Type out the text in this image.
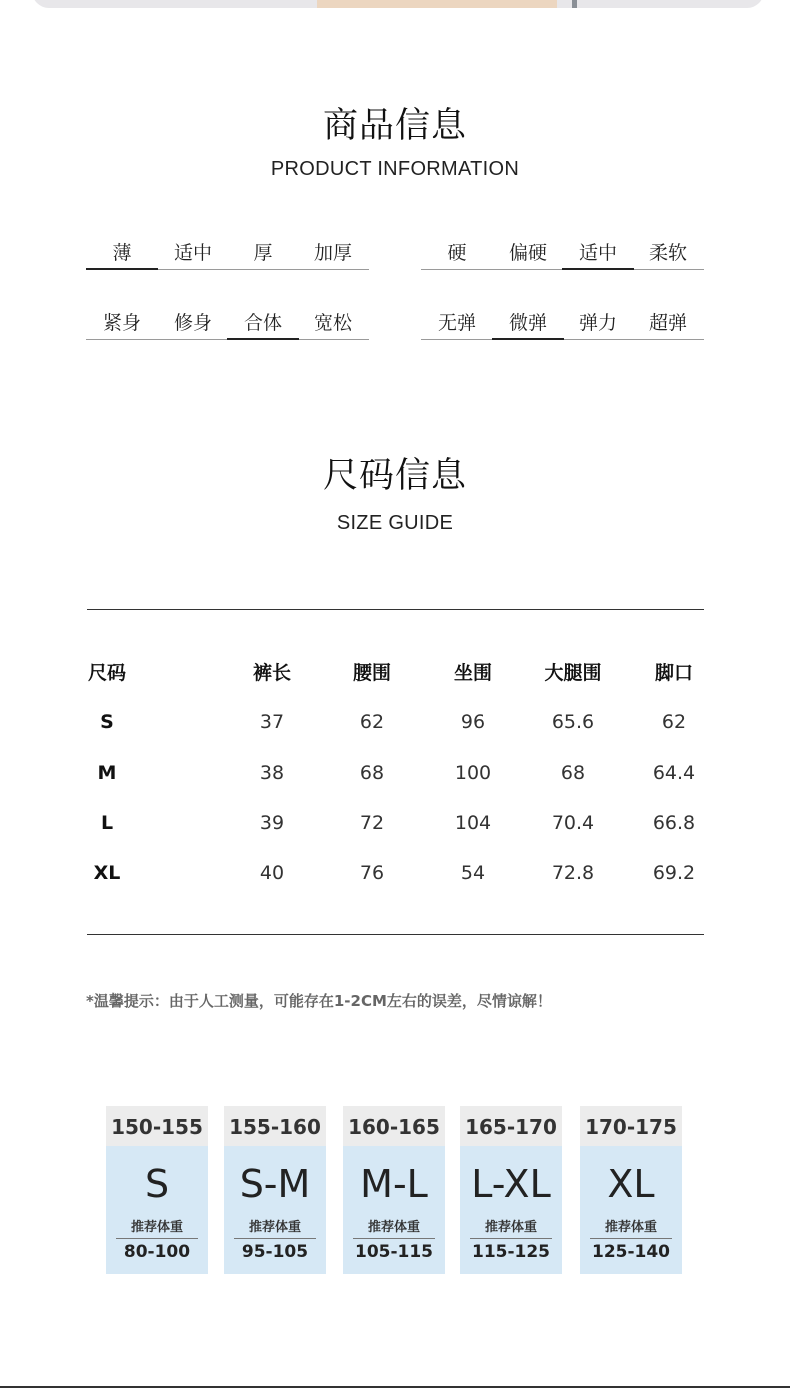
商品信息
PRODUCT INFORMATION
薄	适中	厚	加厚	硬	偏硬	适中	柔软
紧身	修身	合体	宽松	无弹	微弹	弹力	超弹
尺码信息
SIZE GUIDE
尺码	裤长	腰围	坐围	大腿围	脚口
S	37	62	96	65.6	62
M	38	68	100	68	64.4
L	39	72	104	70.4	66.8
XL	40	76	54	72.8	69.2
*温馨提示：由于人工测量，可能存在1-2CM左右的误差，尽情谅解！
150-155
S
推荐体重
80-100
155-160
S-M
推荐体重
95-105
160-165
M-L
推荐体重
105-115
165-170
L-XL
推荐体重
115-125
170-175
XL
推荐体重
125-140
